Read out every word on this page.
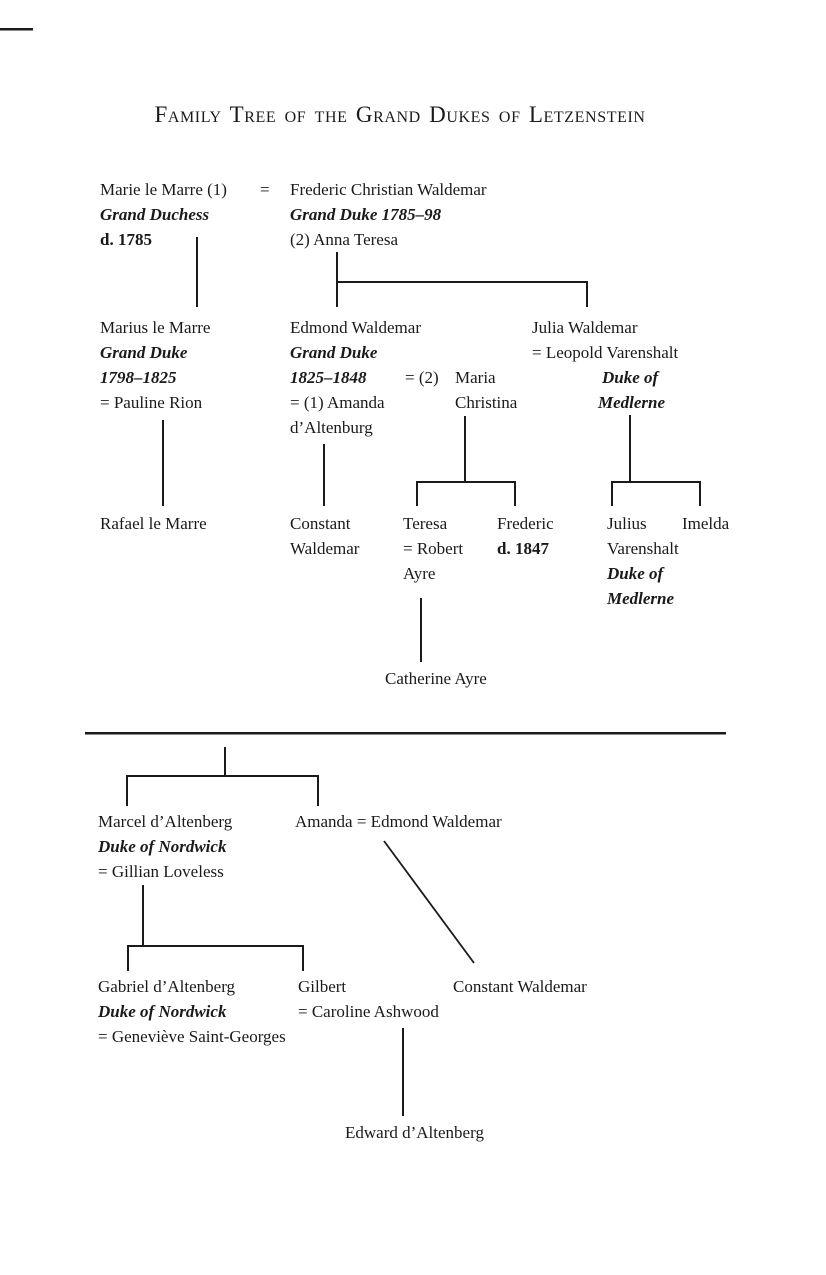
Family Tree of the Grand Dukes of Letzenstein
Marie le Marre (1)
Grand Duchess
d. 1785
= Frederic Christian Waldemar
Grand Duke 1785–98
(2) Anna Teresa
Marius le Marre
Grand Duke
1798–1825
= Pauline Rion
Edmond Waldemar
Grand Duke
1825–1848
= (1) Amanda
d’Altenburg
= (2) Maria
Christina
Julia Waldemar
= Leopold Varenshalt
Duke of
Medlerne
Rafael le Marre	Constant
Waldemar
Teresa
= Robert
Ayre
Frederic
d. 1847
Julius
Varenshalt
Duke of
Medlerne
Imelda
Catherine Ayre
Marcel d’Altenberg
Duke of Nordwick
= Gillian Loveless
Amanda = Edmond Waldemar
Gabriel d’Altenberg
Duke of Nordwick
= Geneviève Saint-Georges
Gilbert
= Caroline Ashwood
Constant Waldemar
Edward d’Altenberg
